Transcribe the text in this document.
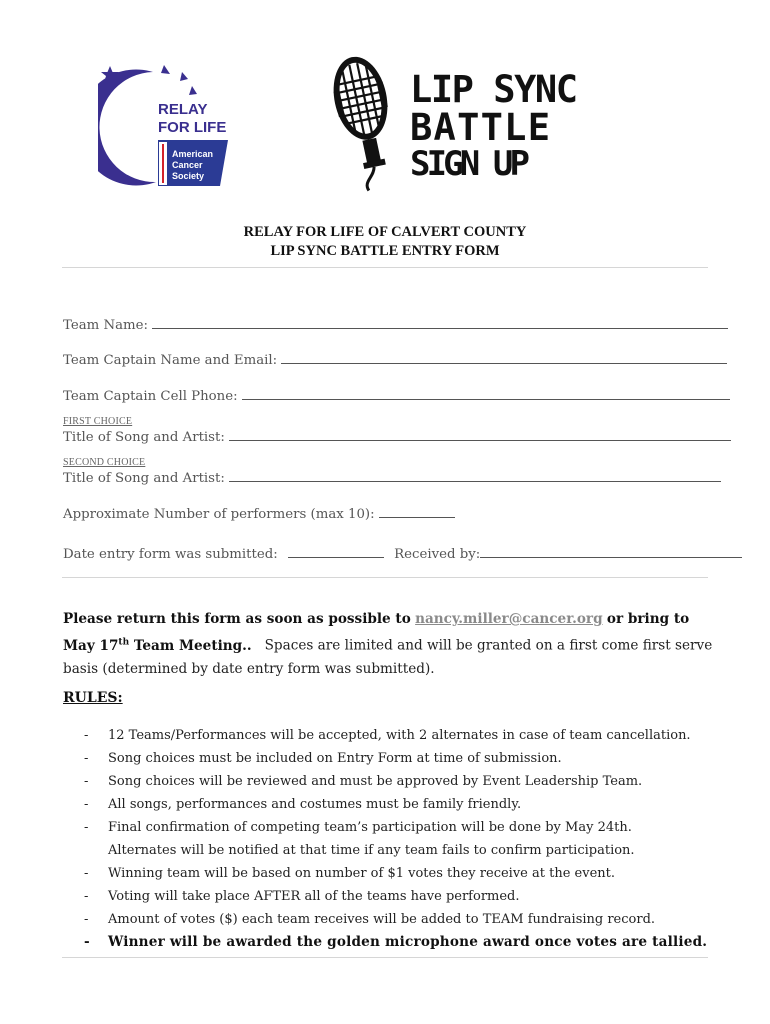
RELAY
FOR LIFE
American
Cancer
Society
LIP SYNC
BATTLE
SIGN UP
RELAY FOR LIFE OF CALVERT COUNTY
LIP SYNC BATTLE ENTRY FORM
Team Name:
Team Captain Name and Email:
Team Captain Cell Phone:
FIRST CHOICE
Title of Song and Artist:
SECOND CHOICE
Title of Song and Artist:
Approximate Number of performers (max 10):
Date entry form was submitted:	Received by:
Please return this form as soon as possible to nancy.miller@cancer.org or bring to
May 17th Team Meeting.. Spaces are limited and will be granted on a first come first serve basis (determined by date entry form was submitted).
RULES:
- 12 Teams/Performances will be accepted, with 2 alternates in case of team cancellation.
- Song choices must be included on Entry Form at time of submission.
- Song choices will be reviewed and must be approved by Event Leadership Team.
- All songs, performances and costumes must be family friendly.
- Final confirmation of competing team’s participation will be done by May 24th.
Alternates will be notified at that time if any team fails to confirm participation.
- Winning team will be based on number of $1 votes they receive at the event.
- Voting will take place AFTER all of the teams have performed.
- Amount of votes ($) each team receives will be added to TEAM fundraising record.
- Winner will be awarded the golden microphone award once votes are tallied.
